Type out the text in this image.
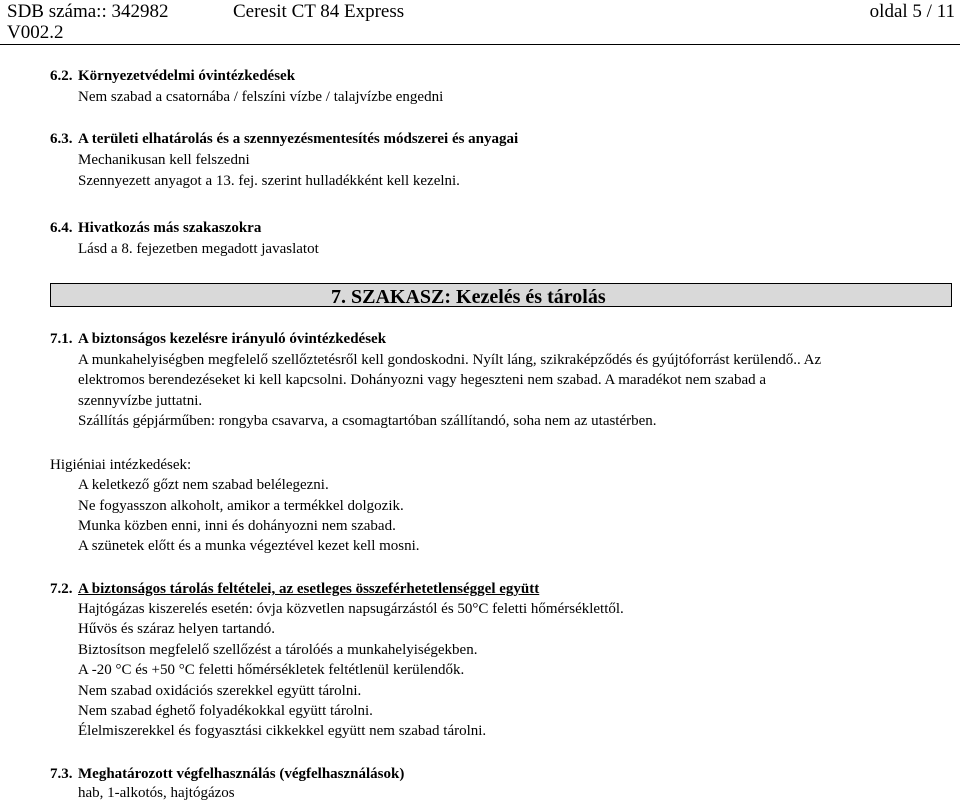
SDB száma:: 342982	Ceresit CT 84 Express	oldal 5 / 11
V002.2
6.2. Környezetvédelmi óvintézkedések
Nem szabad a csatornába / felszíni vízbe / talajvízbe engedni
6.3. A területi elhatárolás és a szennyezésmentesítés módszerei és anyagai
Mechanikusan kell felszedni
Szennyezett anyagot a 13. fej. szerint hulladékként kell kezelni.
6.4. Hivatkozás más szakaszokra
Lásd a 8. fejezetben megadott javaslatot
7. SZAKASZ: Kezelés és tárolás
7.1. A biztonságos kezelésre irányuló óvintézkedések
A munkahelyiségben megfelelő szellőztetésről kell gondoskodni. Nyílt láng, szikraképződés és gyújtóforrást kerülendő.. Az
elektromos berendezéseket ki kell kapcsolni. Dohányozni vagy hegeszteni nem szabad. A maradékot nem szabad a
szennyvízbe juttatni.
Szállítás gépjárműben: rongyba csavarva, a csomagtartóban szállítandó, soha nem az utastérben.
Higiéniai intézkedések:
A keletkező gőzt nem szabad belélegezni.
Ne fogyasszon alkoholt, amikor a termékkel dolgozik.
Munka közben enni, inni és dohányozni nem szabad.
A szünetek előtt és a munka végeztével kezet kell mosni.
7.2. A biztonságos tárolás feltételei, az esetleges összeférhetetlenséggel együtt
Hajtógázas kiszerelés esetén: óvja közvetlen napsugárzástól és 50°C feletti hőmérséklettől.
Hűvös és száraz helyen tartandó.
Biztosítson megfelelő szellőzést a tárolóés a munkahelyiségekben.
A -20 °C és +50 °C feletti hőmérsékletek feltétlenül kerülendők.
Nem szabad oxidációs szerekkel együtt tárolni.
Nem szabad éghető folyadékokkal együtt tárolni.
Élelmiszerekkel és fogyasztási cikkekkel együtt nem szabad tárolni.
7.3. Meghatározott végfelhasználás (végfelhasználások)
hab, 1-alkotós, hajtógázos
